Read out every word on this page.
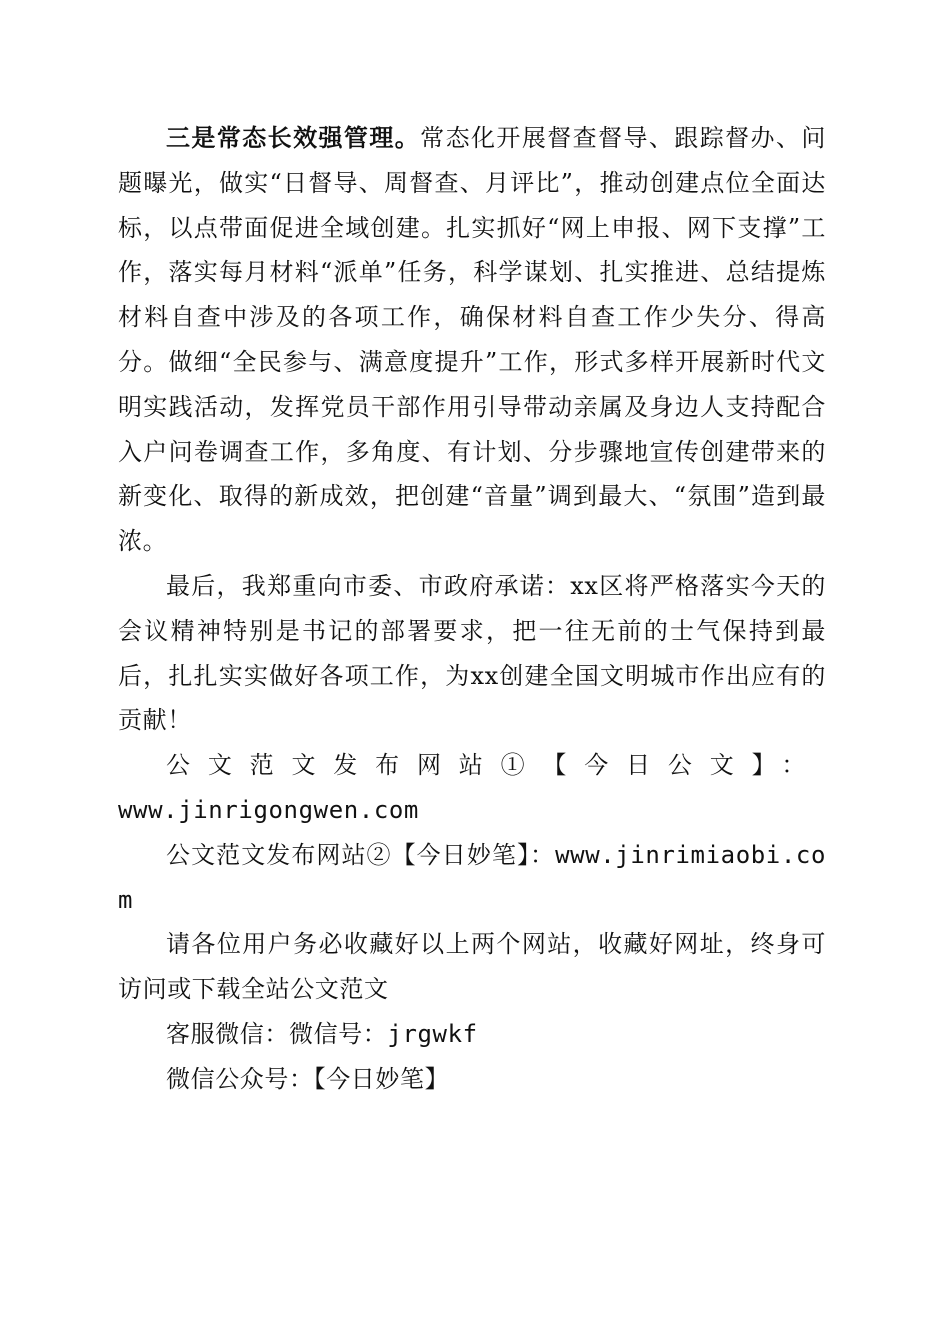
三是常态长效强管理。常态化开展督查督导、跟踪督办、问题曝光，做实“日督导、周督查、月评比”，推动创建点位全面达标，以点带面促进全域创建。扎实抓好“网上申报、网下支撑”工作，落实每月材料“派单”任务，科学谋划、扎实推进、总结提炼材料自查中涉及的各项工作，确保材料自查工作少失分、得高分。做细“全民参与、满意度提升”工作，形式多样开展新时代文明实践活动，发挥党员干部作用引导带动亲属及身边人支持配合入户问卷调查工作，多角度、有计划、分步骤地宣传创建带来的新变化、取得的新成效，把创建“音量”调到最大、“氛围”造到最浓。

最后，我郑重向市委、市政府承诺：xx区将严格落实今天的会议精神特别是书记的部署要求，把一往无前的士气保持到最后，扎扎实实做好各项工作，为xx创建全国文明城市作出应有的贡献！

公文范文发布网站①【今日公文】：
www.jinrigongwen.com

公文范文发布网站②【今日妙笔】：www.jinrimiaobi.com

请各位用户务必收藏好以上两个网站，收藏好网址，终身可访问或下载全站公文范文

客服微信：微信号：jrgwkf

微信公众号：【今日妙笔】
